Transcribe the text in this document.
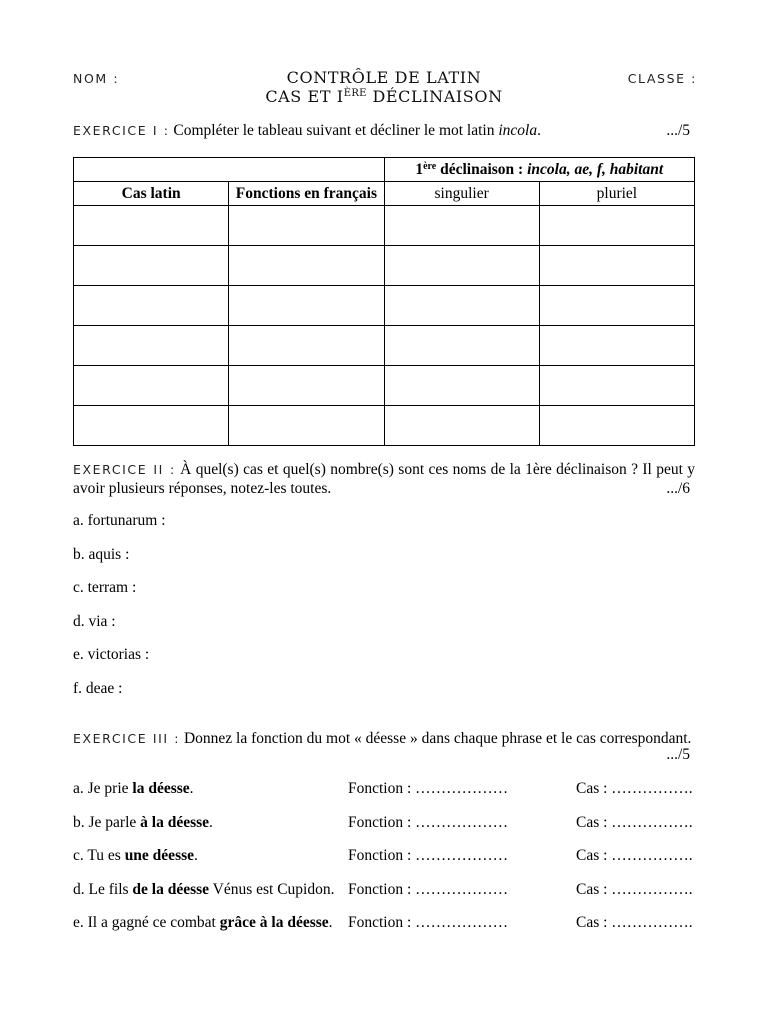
NOM :	CONTRÔLE DE LATIN
CAS ET IÈRE DÉCLINAISON
CLASSE :
EXERCICE I : Compléter le tableau suivant et décliner le mot latin incola.	.../5
		1ère déclinaison : incola, ae, f, habitant	
Cas latin	Fonctions en français	singulier	pluriel

EXERCICE II : À quel(s) cas et quel(s) nombre(s) sont ces noms de la 1ère déclinaison ? Il peut y
avoir plusieurs réponses, notez-les toutes.	.../6
a. fortunarum :
b. aquis :
c. terram :
d. via :
e. victorias :
f. deae :
EXERCICE III : Donnez la fonction du mot « déesse » dans chaque phrase et le cas correspondant.
.../5
a. Je prie la déesse.	Fonction : ………………	Cas : …………….
b. Je parle à la déesse.	Fonction : ………………	Cas : …………….
c. Tu es une déesse.	Fonction : ………………	Cas : …………….
d. Le fils de la déesse Vénus est Cupidon. Fonction : ………………	Cas : …………….
e. Il a gagné ce combat grâce à la déesse. Fonction : ………………	Cas : …………….
